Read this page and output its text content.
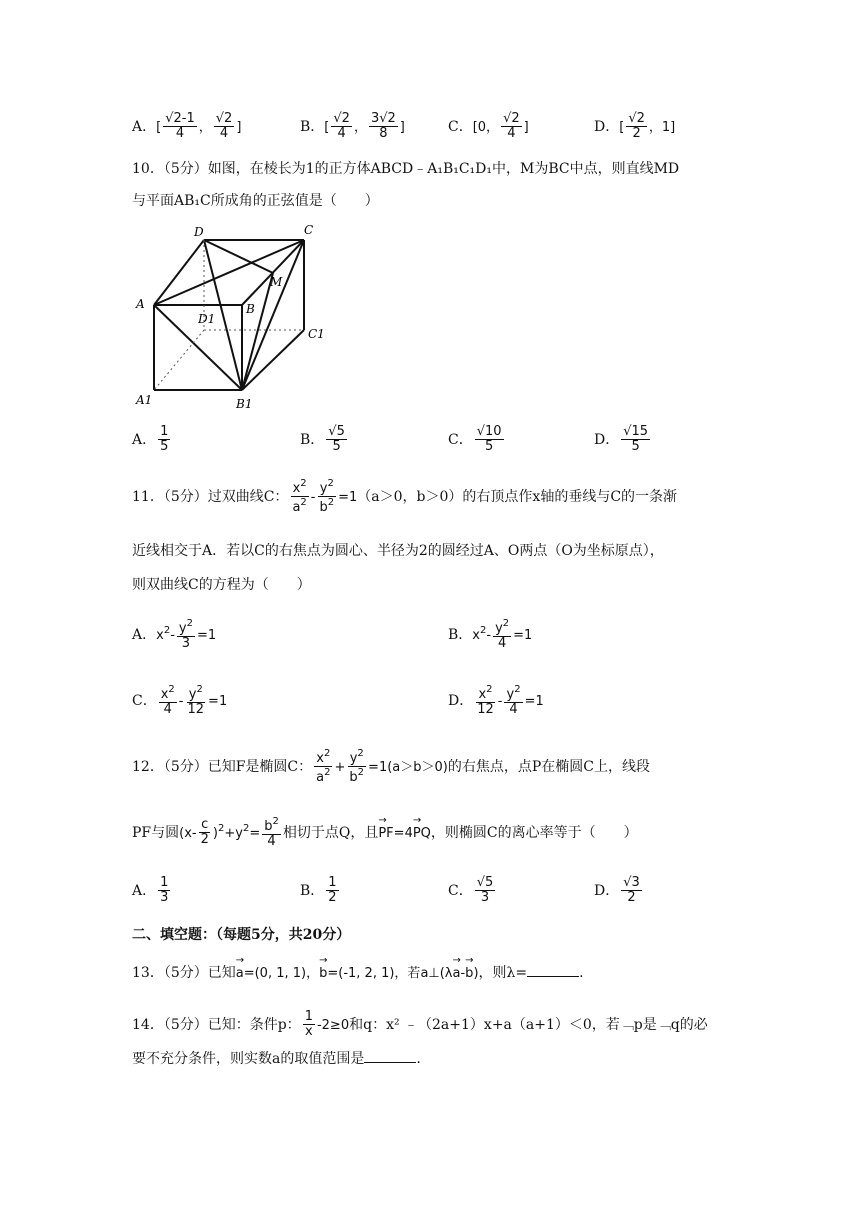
A．[ $\frac{√2-1}{4}$ ， $\frac{√2}{4}$ ]	B．[ $\frac{√2}{4}$ ， $\frac{3√2}{8}$ ]	C．[0， $\frac{√2}{4}$ ]	D．[ $\frac{√2}{2}$ ，1]
10．（5分）如图，在棱长为1的正方体ABCD﹣A₁B₁C₁D₁中，M为BC中点，则直线MD
与平面AB₁C所成角的正弦值是（　　）
D	C
M
A	B
D1
C1
A1	B1
A． $\frac{1}{5}$	B． $\frac{√5}{5}$	C． $\frac{√10}{5}$	D． $\frac{√15}{5}$
11．（5分）过双曲线C： $\frac{x^2}{a^2} - \frac{y^2}{b^2} =1(a>0$，b＞0）的右顶点作x轴的垂线与C的一条渐
近线相交于A．若以C的右焦点为圆心、半径为2的圆经过A、O两点（O为坐标原点），
则双曲线C的方程为（　　）
A．$x^2- \frac{y^2}{3} =1$	B．$x^2- \frac{y^2}{4} =1$
C． $\frac{x^2}{4} - \frac{y^2}{12} =1$	D． $\frac{x^2}{12} - \frac{y^2}{4} =1$
12．（5分）已知F是椭圆C： $\frac{x^2}{a^2} + \frac{y^2}{b^2} =1(a>b>0)$的右焦点，点P在椭圆C上，线段
PF与圆$(x- \frac{c}{2} )^2+y^2= \frac{b^2}{4}$ 相切于点Q，且→ PF=4→ PQ，则椭圆C的离心率等于（　　）
A． $\frac{1}{3}$	B． $\frac{1}{2}$	C． $\frac{√5}{3}$	D． $\frac{√3}{2}$
二、填空题：（每题5分，共20分）
13．（5分）已知→ a=(0, 1, 1)，→ b=(-1, 2, 1)，若a⊥(λ→ a-→ b)，则λ=	.
14．（5分）已知：条件p： $\frac{1}{x} -2\ge 0$和q：x² ﹣（2a+1）x+a（a+1）＜0，若﹁p是﹁q的必
要不充分条件，则实数a的取值范围是	.
